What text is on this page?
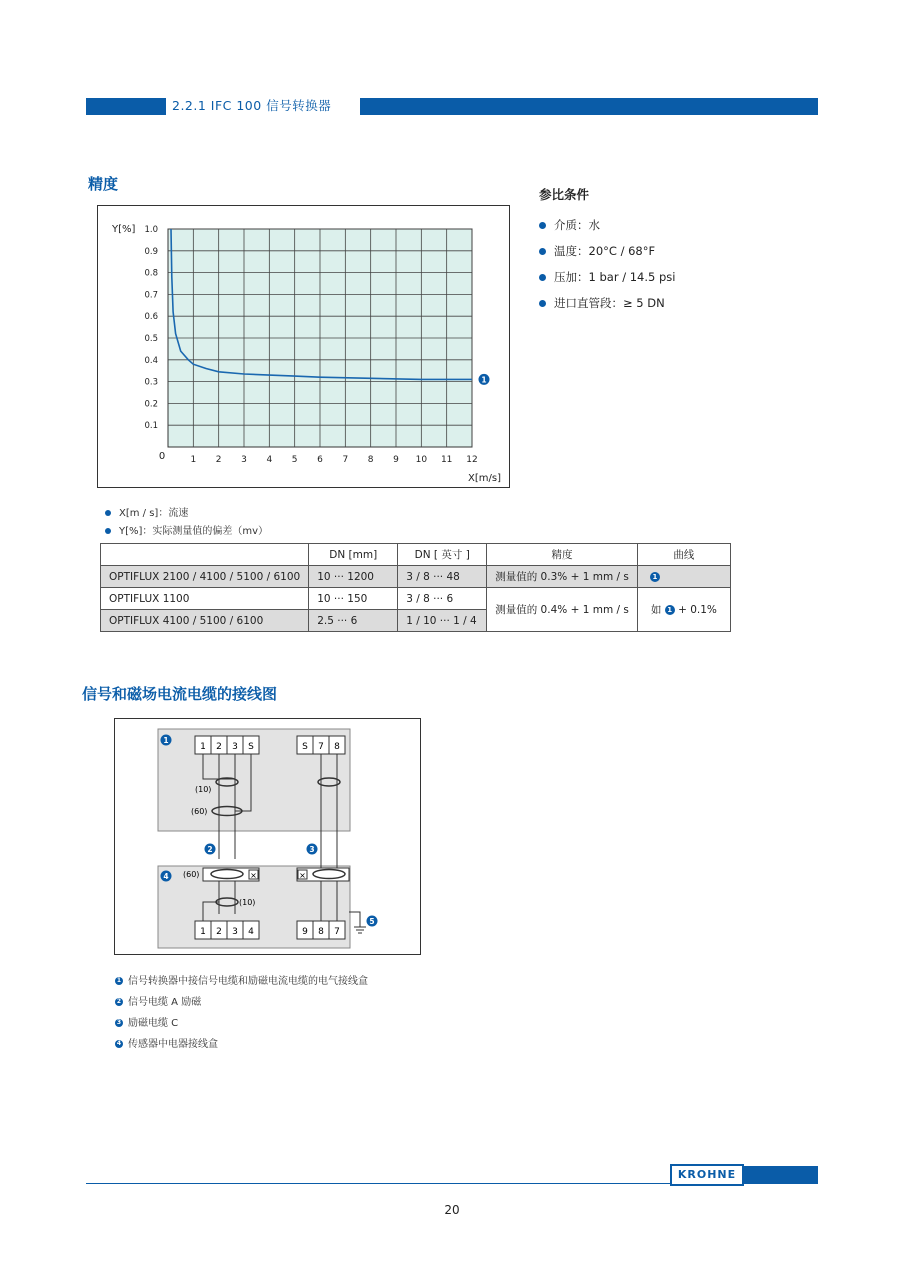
2.2.1 IFC 100 信号转换器
精度
1 2 3 4 5 6 7 8 9 10 11 12
1.0
0.9
0.8
0.7
0.6
0.5
0.4
0.3
0.2
0.1
0
Y[%]
X[m/s]
1
参比条件
介质：水
温度：20°C / 68°F
压加：1 bar / 14.5 psi
进口直管段：≥ 5 DN
X[m / s]：流速
Y[%]：实际测量值的偏差（mv）
	DN [mm]	DN [ 英寸 ]	精度	曲线
OPTIFLUX 2100 / 4100 / 5100 / 6100	10 ··· 1200	3 / 8 ··· 48	测量值的 0.3% + 1 mm / s	1
OPTIFLUX 1100	10 ··· 150	3 / 8 ··· 6	测量值的 0.4% + 1 mm / s	如 1 + 0.1%
OPTIFLUX 4100 / 5100 / 6100	2.5 ··· 6	1 / 10 ··· 1 / 4		
信号和磁场电流电缆的接线图
1 2 3 S	S 7 8
(10)
(60)
(60)	×	×
(10)
1 2 3 4	9 8 7
1
2	3
4
5
1 信号转换器中接信号电缆和励磁电流电缆的电气接线盒
2 信号电缆 A 励磁
3 励磁电缆 C
4 传感器中电器接线盒
KROHNE
20
